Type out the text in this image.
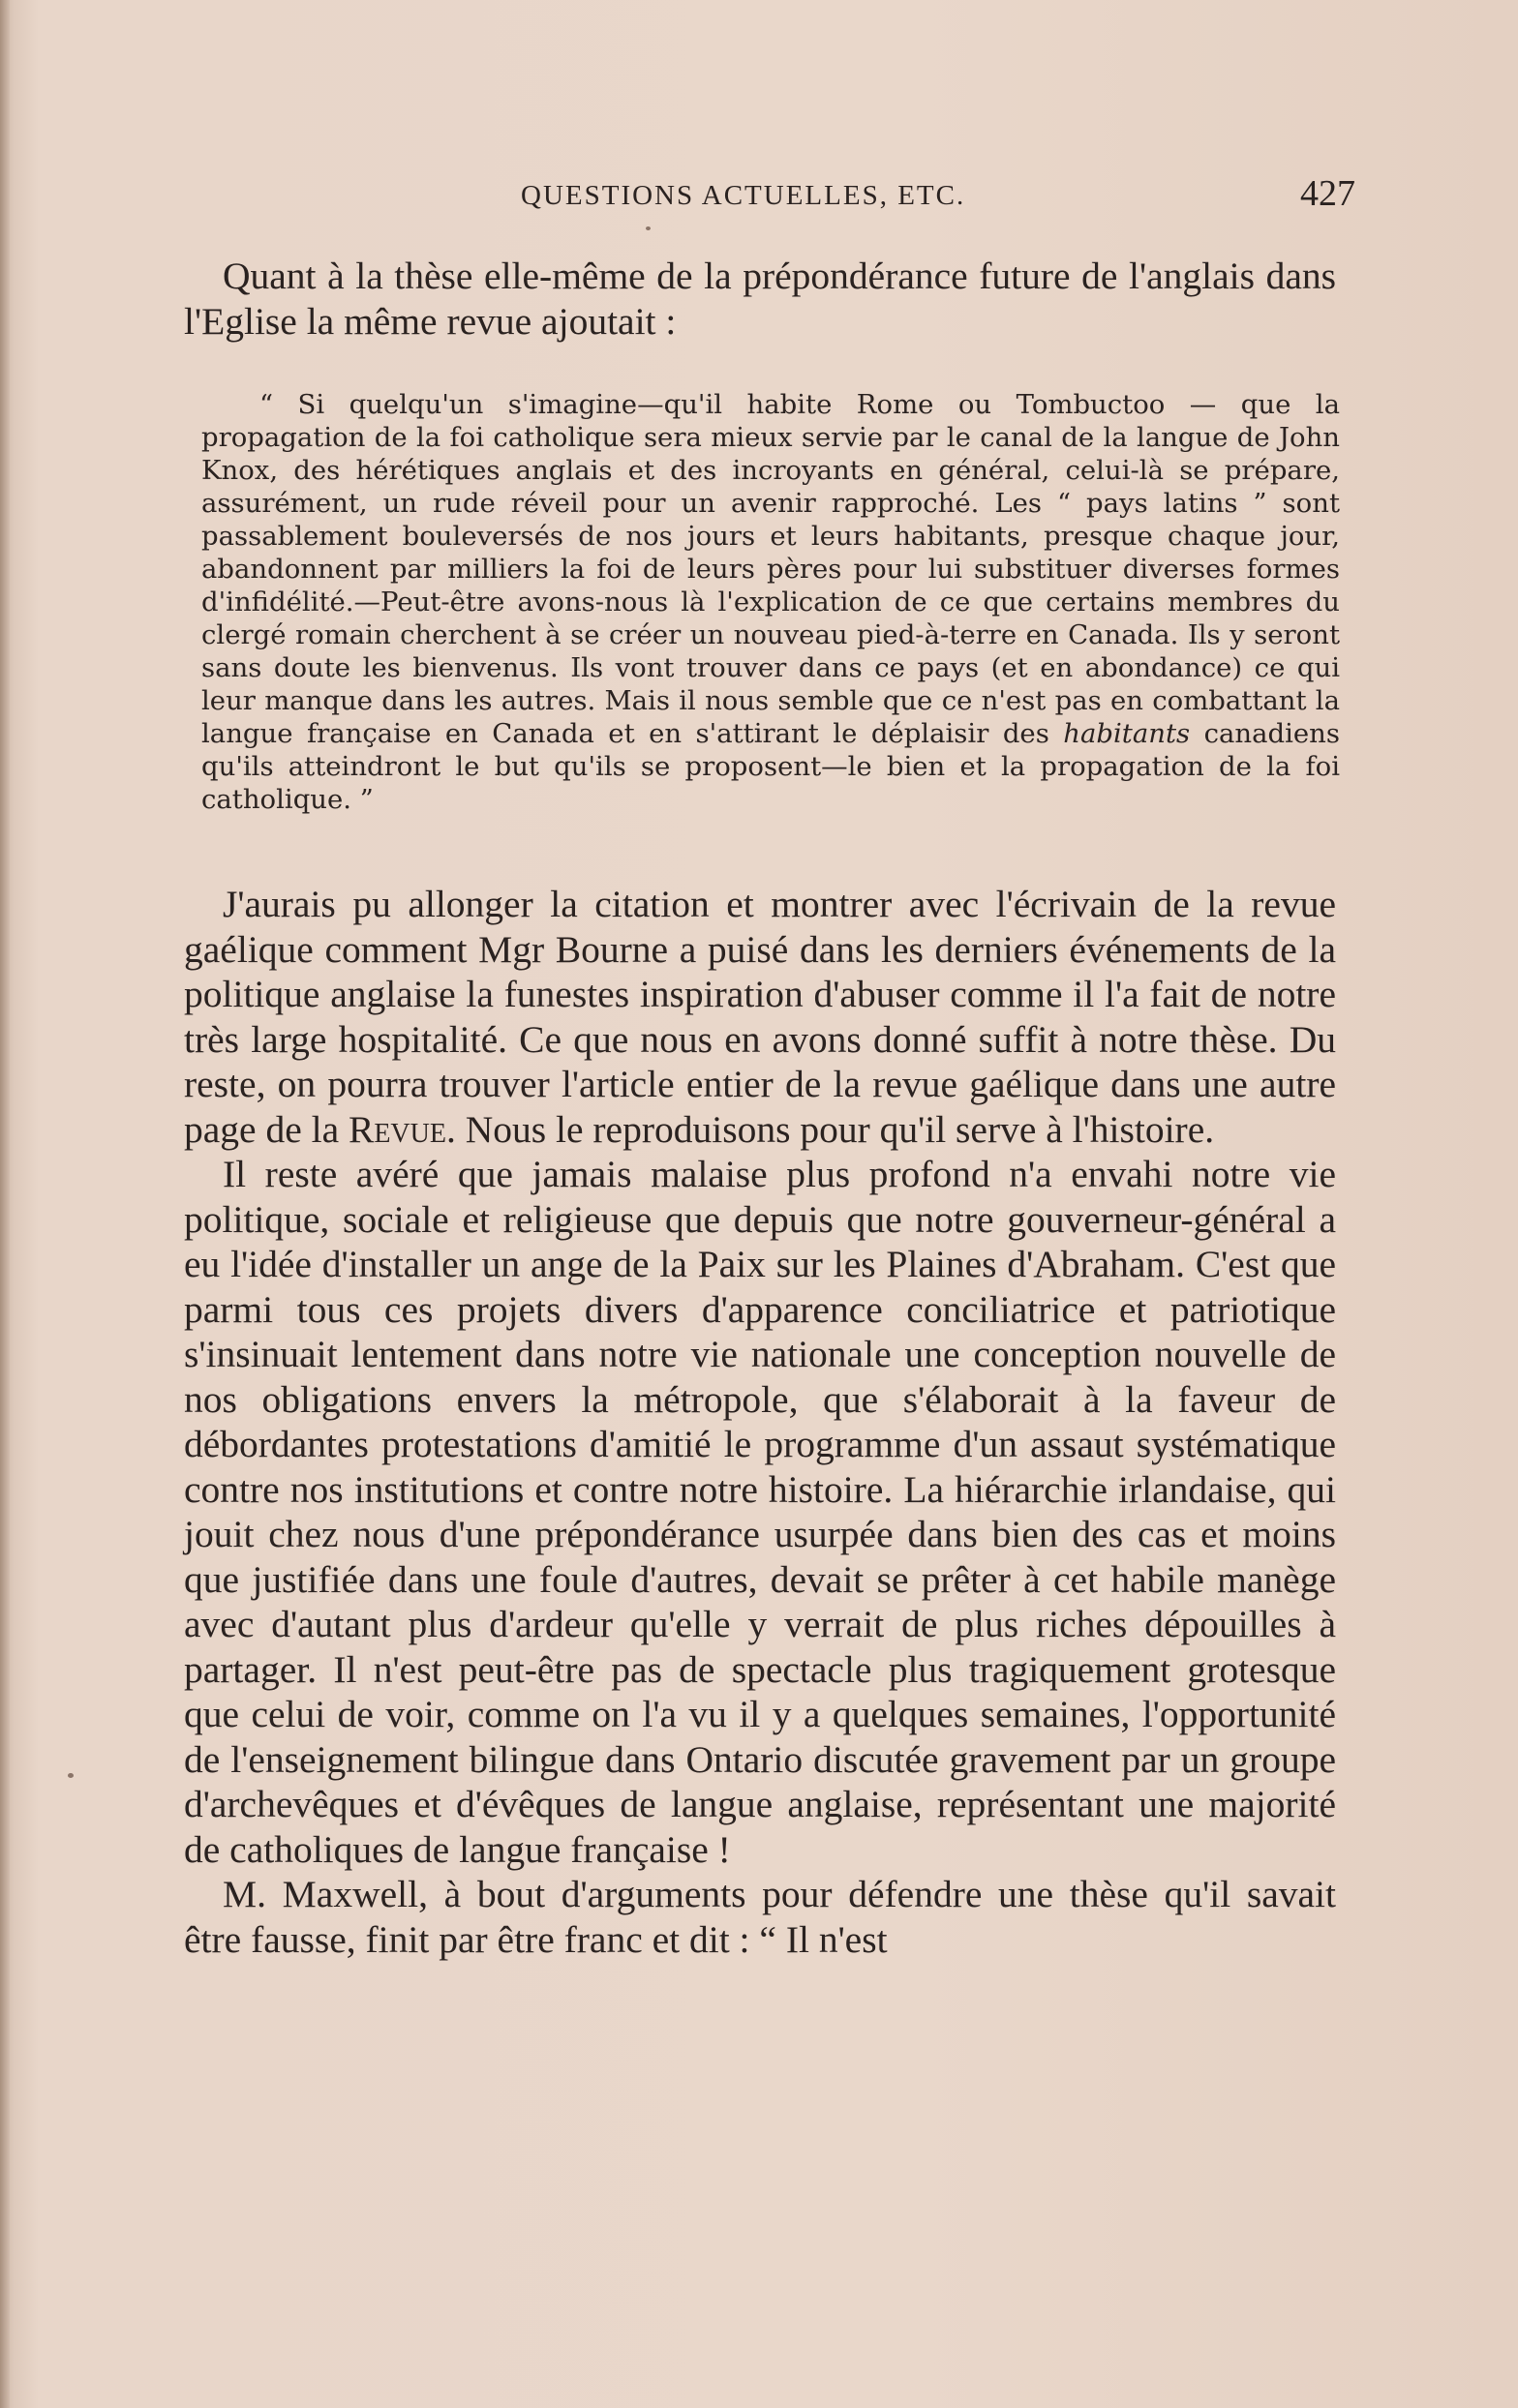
QUESTIONS ACTUELLES, ETC.	427

Quant à la thèse elle-même de la prépondérance future de l'anglais dans l'Eglise la même revue ajoutait :

“ Si quelqu'un s'imagine—qu'il habite Rome ou Tombuctoo — que la propagation de la foi catholique sera mieux servie par le canal de la langue de John Knox, des hérétiques anglais et des incroyants en général, celui-là se prépare, assurément, un rude réveil pour un avenir rapproché. Les “ pays latins ” sont passablement bouleversés de nos jours et leurs habitants, presque chaque jour, abandonnent par milliers la foi de leurs pères pour lui substituer diverses formes d'infidélité.—Peut-être avons-nous là l'explication de ce que certains membres du clergé romain cherchent à se créer un nouveau pied-à-terre en Canada. Ils y seront sans doute les bienvenus. Ils vont trouver dans ce pays (et en abondance) ce qui leur manque dans les autres. Mais il nous semble que ce n'est pas en combattant la langue française en Canada et en s'attirant le déplaisir des habitants canadiens qu'ils atteindront le but qu'ils se proposent—le bien et la propagation de la foi catholique. ”

J'aurais pu allonger la citation et montrer avec l'écrivain de la revue gaélique comment Mgr Bourne a puisé dans les derniers événements de la politique anglaise la funestes inspiration d'abuser comme il l'a fait de notre très large hospitalité. Ce que nous en avons donné suffit à notre thèse. Du reste, on pourra trouver l'article entier de la revue gaélique dans une autre page de la Revue. Nous le reproduisons pour qu'il serve à l'histoire.

Il reste avéré que jamais malaise plus profond n'a envahi notre vie politique, sociale et religieuse que depuis que notre gouverneur-général a eu l'idée d'installer un ange de la Paix sur les Plaines d'Abraham. C'est que parmi tous ces projets divers d'apparence conciliatrice et patriotique s'insinuait lentement dans notre vie nationale une conception nouvelle de nos obligations envers la métropole, que s'élaborait à la faveur de débordantes protestations d'amitié le programme d'un assaut systématique contre nos institutions et contre notre histoire. La hiérarchie irlandaise, qui jouit chez nous d'une prépondérance usurpée dans bien des cas et moins que justifiée dans une foule d'autres, devait se prêter à cet habile manège avec d'autant plus d'ardeur qu'elle y verrait de plus riches dépouilles à partager. Il n'est peut-être pas de spectacle plus tragiquement grotesque que celui de voir, comme on l'a vu il y a quelques semaines, l'opportunité de l'enseignement bilingue dans Ontario discutée gravement par un groupe d'archevêques et d'évêques de langue anglaise, représentant une majorité de catholiques de langue française !

M. Maxwell, à bout d'arguments pour défendre une thèse qu'il savait être fausse, finit par être franc et dit : “ Il n'est
